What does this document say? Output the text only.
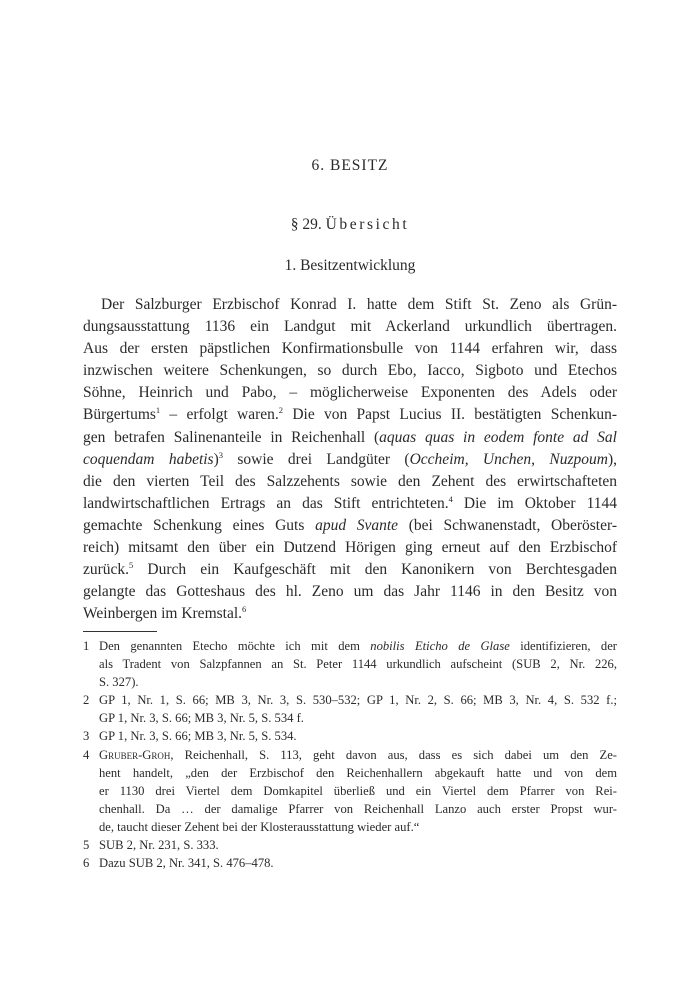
6. BESITZ
§ 29. Übersicht
1. Besitzentwicklung
Der Salzburger Erzbischof Konrad I. hatte dem Stift St. Zeno als Grün-
dungsausstattung 1136 ein Landgut mit Ackerland urkundlich übertragen.
Aus der ersten päpstlichen Konfirmationsbulle von 1144 erfahren wir, dass
inzwischen weitere Schenkungen, so durch Ebo, Iacco, Sigboto und Etechos
Söhne, Heinrich und Pabo, – möglicherweise Exponenten des Adels oder
Bürgertums$^1$ – erfolgt waren.$^2$ Die von Papst Lucius II. bestätigten Schenkun-
gen betrafen Salinenanteile in Reichenhall (aquas quas in eodem fonte ad Sal
coquendam habetis)$^3$ sowie drei Landgüter (Occheim, Unchen, Nuzpoum),
die den vierten Teil des Salzzehents sowie den Zehent des erwirtschafteten
landwirtschaftlichen Ertrags an das Stift entrichteten.$^4$ Die im Oktober 1144
gemachte Schenkung eines Guts apud Svante (bei Schwanenstadt, Oberöster-
reich) mitsamt den über ein Dutzend Hörigen ging erneut auf den Erzbischof
zurück.$^5$ Durch ein Kaufgeschäft mit den Kanonikern von Berchtesgaden
gelangte das Gotteshaus des hl. Zeno um das Jahr 1146 in den Besitz von
Weinbergen im Kremstal.$^6$
1 Den genannten Etecho möchte ich mit dem nobilis Eticho de Glase identifizieren, der
als Tradent von Salzpfannen an St. Peter 1144 urkundlich aufscheint (SUB 2, Nr. 226,
S. 327).
2 GP 1, Nr. 1, S. 66; MB 3, Nr. 3, S. 530–532; GP 1, Nr. 2, S. 66; MB 3, Nr. 4, S. 532 f.;
GP 1, Nr. 3, S. 66; MB 3, Nr. 5, S. 534 f.
3 GP 1, Nr. 3, S. 66; MB 3, Nr. 5, S. 534.
4 Gruber-Groh, Reichenhall, S. 113, geht davon aus, dass es sich dabei um den Ze-
hent handelt, „den der Erzbischof den Reichenhallern abgekauft hatte und von dem
er 1130 drei Viertel dem Domkapitel überließ und ein Viertel dem Pfarrer von Rei-
chenhall. Da … der damalige Pfarrer von Reichenhall Lanzo auch erster Propst wur-
de, taucht dieser Zehent bei der Klosterausstattung wieder auf.“
5 SUB 2, Nr. 231, S. 333.
6 Dazu SUB 2, Nr. 341, S. 476–478.
